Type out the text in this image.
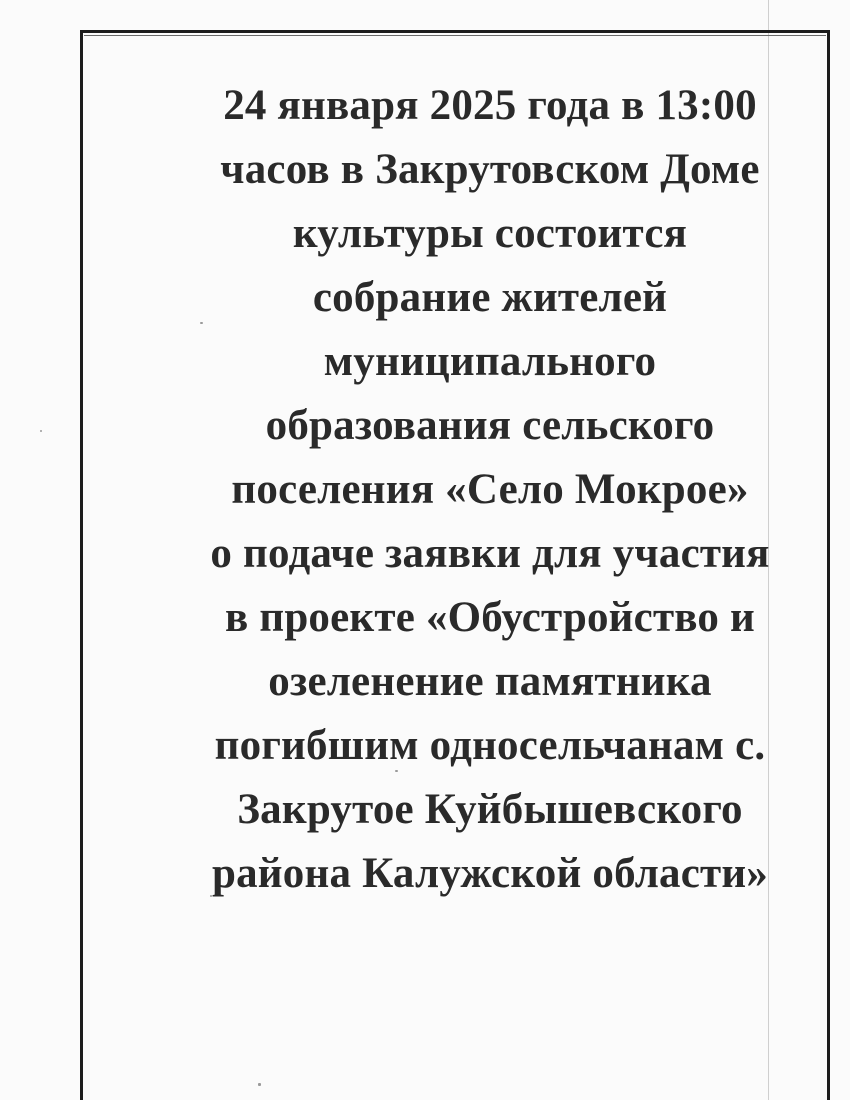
24 января 2025 года в 13:00
часов в Закрутовском Доме
культуры состоится
собрание жителей
муниципального
образования сельского
поселения «Село Мокрое»
о подаче заявки для участия
в проекте «Обустройство и
озеленение памятника
погибшим односельчанам с.
Закрутое Куйбышевского
района Калужской области»
